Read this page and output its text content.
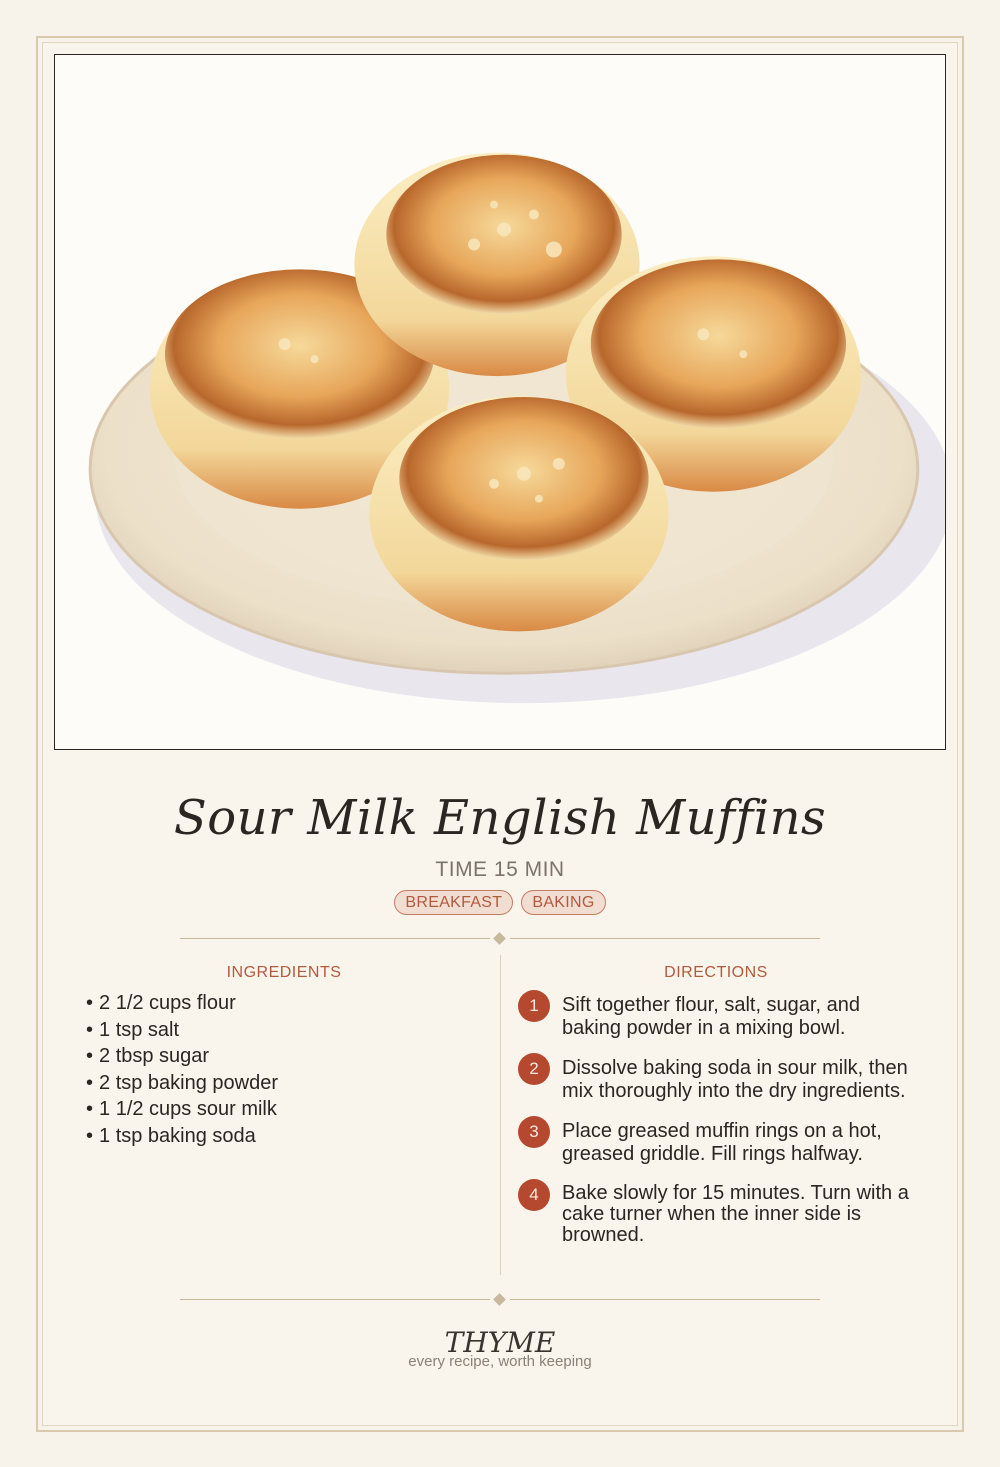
Sour Milk English Muffins
TIME 15 MIN
BREAKFAST	BAKING
INGREDIENTS
• 2 1/2 cups flour
• 1 tsp salt
• 2 tbsp sugar
• 2 tsp baking powder
• 1 1/2 cups sour milk
• 1 tsp baking soda
DIRECTIONS
1	Sift together flour, salt, sugar, and baking powder in a mixing bowl.
2	Dissolve baking soda in sour milk, then mix thoroughly into the dry ingredients.
3	Place greased muffin rings on a hot, greased griddle. Fill rings halfway.
4	Bake slowly for 15 minutes. Turn with a cake turner when the inner side is browned.
THYME
every recipe, worth keeping
